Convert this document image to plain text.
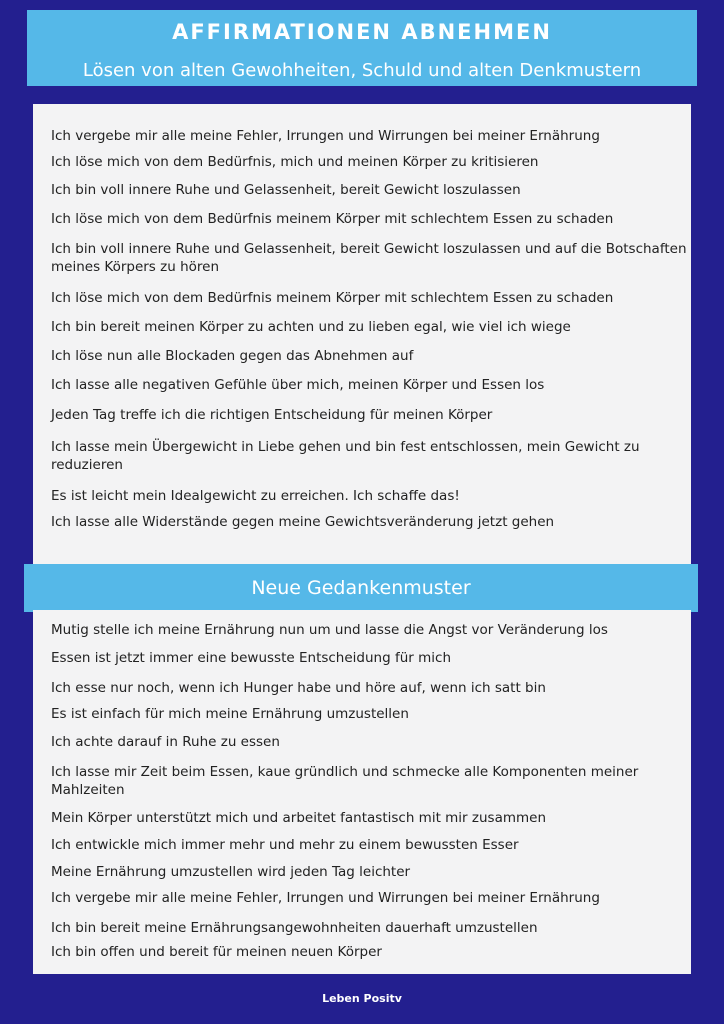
AFFIRMATIONEN ABNEHMEN
Lösen von alten Gewohheiten, Schuld und alten Denkmustern
Ich vergebe mir alle meine Fehler, Irrungen und Wirrungen bei meiner Ernährung
Ich löse mich von dem Bedürfnis, mich und meinen Körper zu kritisieren
Ich bin voll innere Ruhe und Gelassenheit, bereit Gewicht loszulassen
Ich löse mich von dem Bedürfnis meinem Körper mit schlechtem Essen zu schaden
Ich bin voll innere Ruhe und Gelassenheit, bereit Gewicht loszulassen und auf die Botschaften meines Körpers zu hören
Ich löse mich von dem Bedürfnis meinem Körper mit schlechtem Essen zu schaden
Ich bin bereit meinen Körper zu achten und zu lieben egal, wie viel ich wiege
Ich löse nun alle Blockaden gegen das Abnehmen auf
Ich lasse alle negativen Gefühle über mich, meinen Körper und Essen los
Jeden Tag treffe ich die richtigen Entscheidung für meinen Körper
Ich lasse mein Übergewicht in Liebe gehen und bin fest entschlossen, mein Gewicht zu reduzieren
Es ist leicht mein Idealgewicht zu erreichen. Ich schaffe das!
Ich lasse alle Widerstände gegen meine Gewichtsveränderung jetzt gehen
Neue Gedankenmuster
Mutig stelle ich meine Ernährung nun um und lasse die Angst vor Veränderung los
Essen ist jetzt immer eine bewusste Entscheidung für mich
Ich esse nur noch, wenn ich Hunger habe und höre auf, wenn ich satt bin
Es ist einfach für mich meine Ernährung umzustellen
Ich achte darauf in Ruhe zu essen
Ich lasse mir Zeit beim Essen, kaue gründlich und schmecke alle Komponenten meiner Mahlzeiten
Mein Körper unterstützt mich und arbeitet fantastisch mit mir zusammen
Ich entwickle mich immer mehr und mehr zu einem bewussten Esser
Meine Ernährung umzustellen wird jeden Tag leichter
Ich vergebe mir alle meine Fehler, Irrungen und Wirrungen bei meiner Ernährung
Ich bin bereit meine Ernährungsangewohnheiten dauerhaft umzustellen
Ich bin offen und bereit für meinen neuen Körper
Leben Positv
